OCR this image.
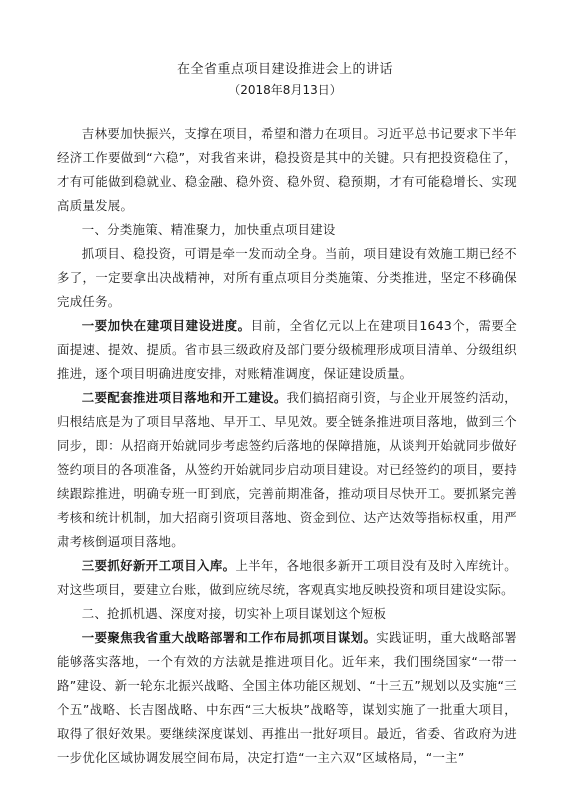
在全省重点项目建设推进会上的讲话
（2018年8月13日）

吉林要加快振兴，支撑在项目，希望和潜力在项目。习近平总书记要求下半年经济工作要做到“六稳”，对我省来讲，稳投资是其中的关键。只有把投资稳住了，才有可能做到稳就业、稳金融、稳外资、稳外贸、稳预期，才有可能稳增长、实现高质量发展。

一、分类施策、精准聚力，加快重点项目建设

抓项目、稳投资，可谓是牵一发而动全身。当前，项目建设有效施工期已经不多了，一定要拿出决战精神，对所有重点项目分类施策、分类推进，坚定不移确保完成任务。

一要加快在建项目建设进度。目前，全省亿元以上在建项目1643个，需要全面提速、提效、提质。省市县三级政府及部门要分级梳理形成项目清单、分级组织推进，逐个项目明确进度安排，对账精准调度，保证建设质量。

二要配套推进项目落地和开工建设。我们搞招商引资，与企业开展签约活动，归根结底是为了项目早落地、早开工、早见效。要全链条推进项目落地，做到三个同步，即：从招商开始就同步考虑签约后落地的保障措施，从谈判开始就同步做好签约项目的各项准备，从签约开始就同步启动项目建设。对已经签约的项目，要持续跟踪推进，明确专班一盯到底，完善前期准备，推动项目尽快开工。要抓紧完善考核和统计机制，加大招商引资项目落地、资金到位、达产达效等指标权重，用严肃考核倒逼项目落地。

三要抓好新开工项目入库。上半年，各地很多新开工项目没有及时入库统计。对这些项目，要建立台账，做到应统尽统，客观真实地反映投资和项目建设实际。

二、抢抓机遇、深度对接，切实补上项目谋划这个短板

一要聚焦我省重大战略部署和工作布局抓项目谋划。实践证明，重大战略部署能够落实落地，一个有效的方法就是推进项目化。近年来，我们围绕国家“一带一路”建设、新一轮东北振兴战略、全国主体功能区规划、“十三五”规划以及实施“三个五”战略、长吉图战略、中东西“三大板块”战略等，谋划实施了一批重大项目，取得了很好效果。要继续深度谋划、再推出一批好项目。最近，省委、省政府为进一步优化区域协调发展空间布局，决定打造“一主六双”区域格局，“一主”
